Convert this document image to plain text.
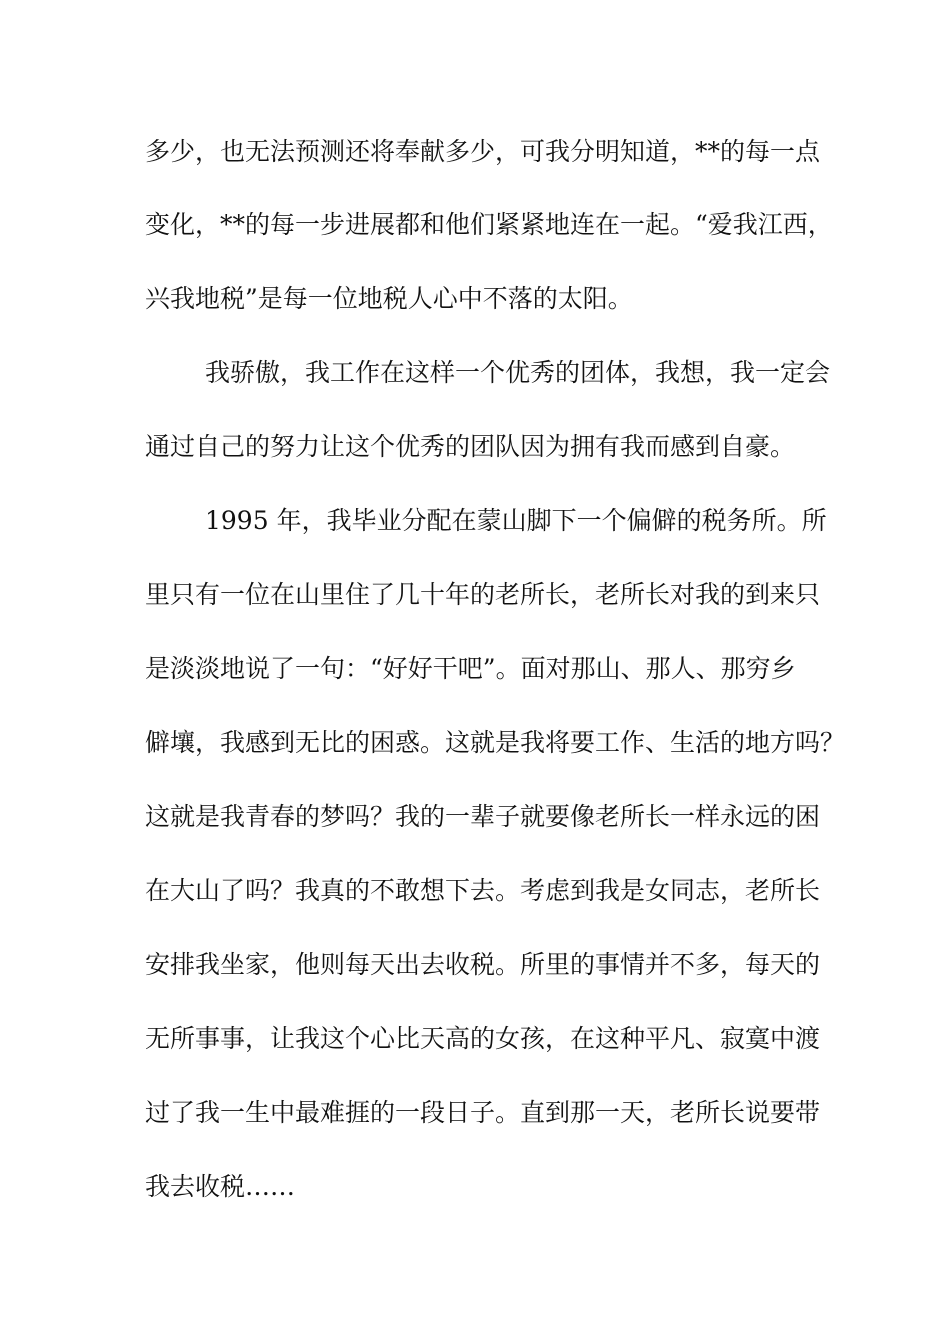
多少，也无法预测还将奉献多少，可我分明知道，**的每一点
变化，**的每一步进展都和他们紧紧地连在一起。“爱我江西，
兴我地税”是每一位地税人心中不落的太阳。
我骄傲，我工作在这样一个优秀的团体，我想，我一定会
通过自己的努力让这个优秀的团队因为拥有我而感到自豪。
1995 年，我毕业分配在蒙山脚下一个偏僻的税务所。所
里只有一位在山里住了几十年的老所长，老所长对我的到来只
是淡淡地说了一句：“好好干吧”。面对那山、那人、那穷乡
僻壤，我感到无比的困惑。这就是我将要工作、生活的地方吗？
这就是我青春的梦吗？我的一辈子就要像老所长一样永远的困
在大山了吗？我真的不敢想下去。考虑到我是女同志，老所长
安排我坐家，他则每天出去收税。所里的事情并不多，每天的
无所事事，让我这个心比天高的女孩，在这种平凡、寂寞中渡
过了我一生中最难捱的一段日子。直到那一天，老所长说要带
我去收税……
